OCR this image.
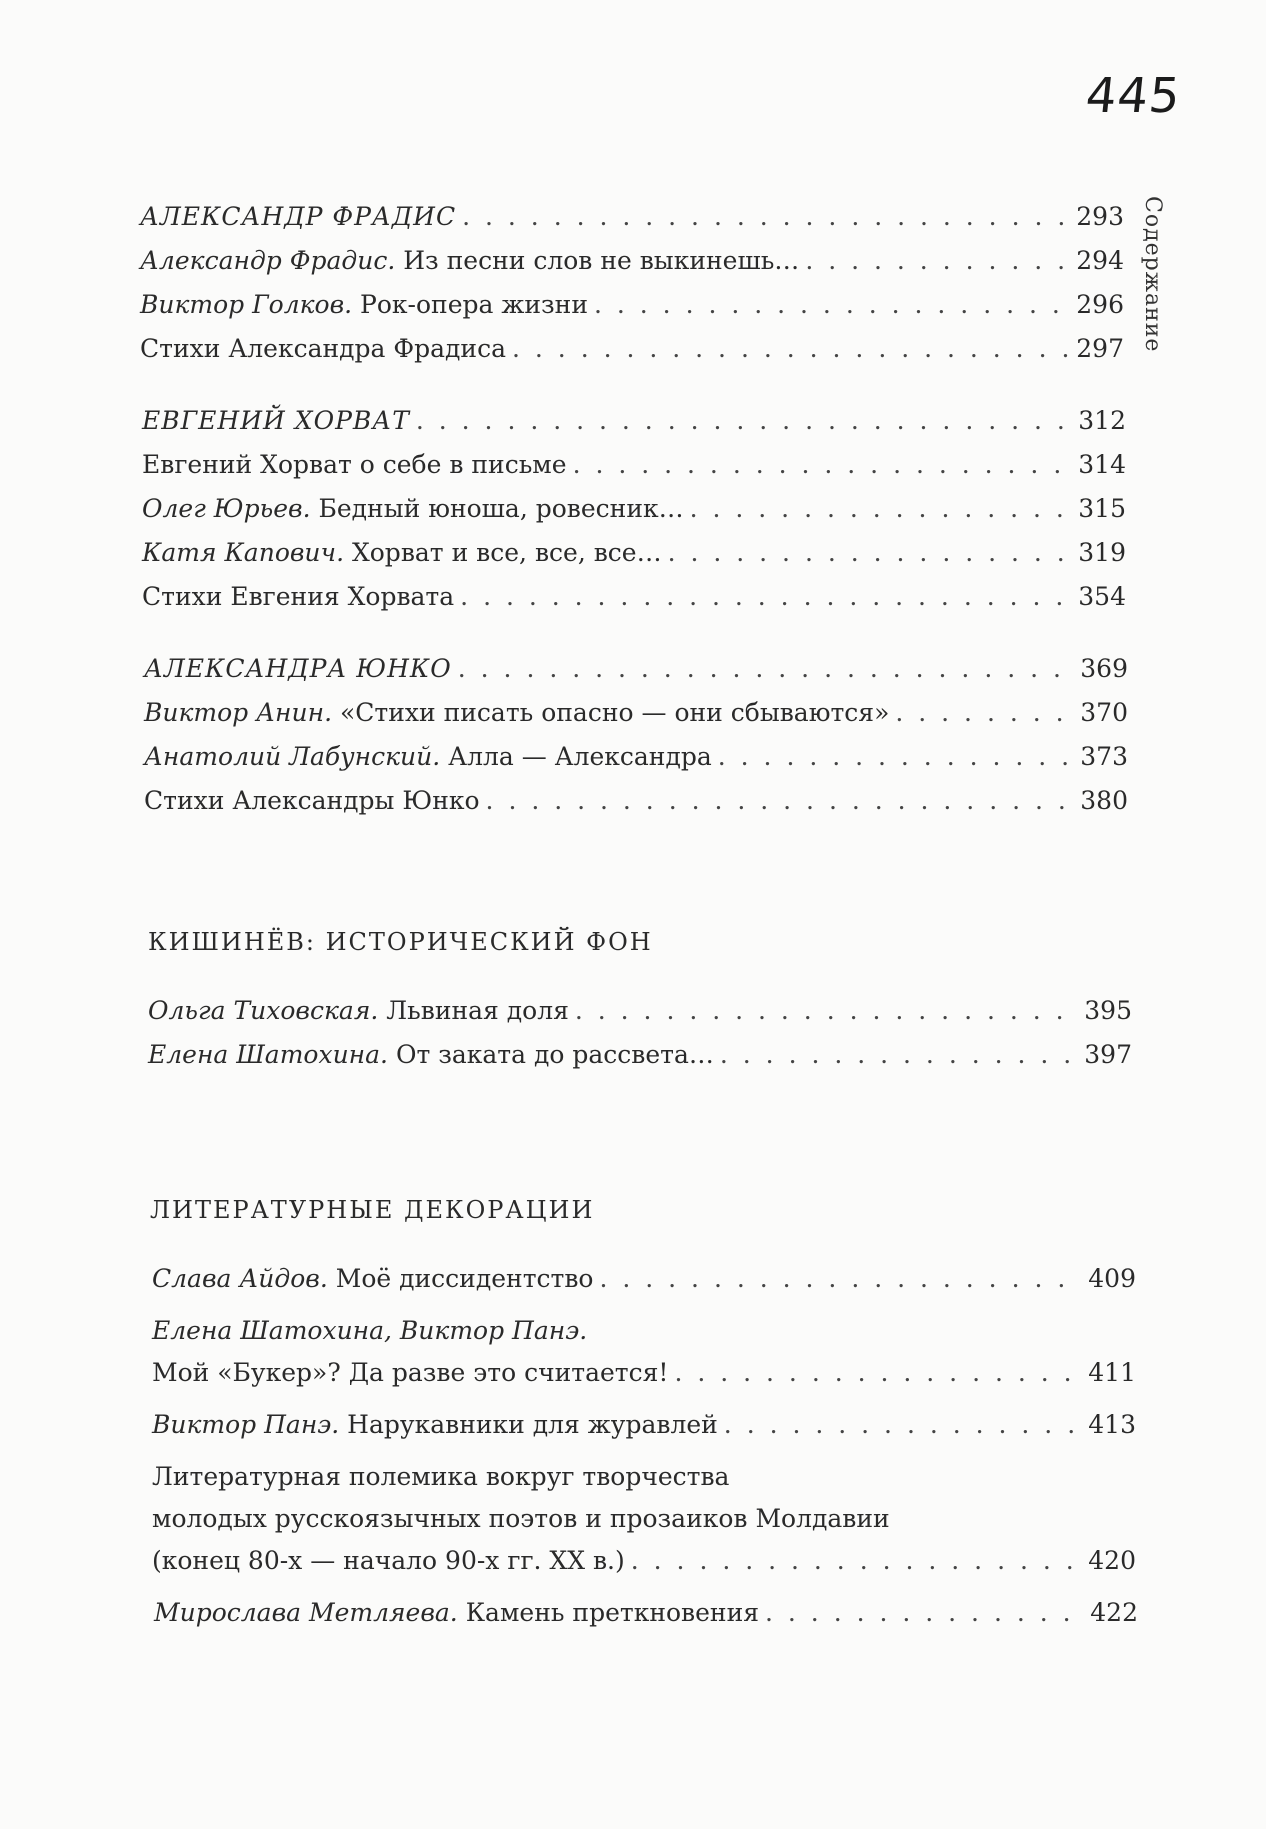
445
Содержание
АЛЕКСАНДР ФРАДИС . . .	293
Александр Фрадис. Из песни слов не выкинешь… . . .	294
Виктор Голков. Рок-опера жизни . . .	296
Стихи Александра Фрадиса . . .	297
ЕВГЕНИЙ ХОРВАТ . . .	312
Евгений Хорват о себе в письме . . .	314
Олег Юрьев. Бедный юноша, ровесник… . . .	315
Катя Капович. Хорват и все, все, все… . . .	319
Стихи Евгения Хорвата . . .	354
АЛЕКСАНДРА ЮНКО . . .	369
Виктор Анин. «Стихи писать опасно — они сбываются» . . .	370
Анатолий Лабунский. Алла — Александра . . .	373
Стихи Александры Юнко . . .	380
КИШИНЁВ: ИСТОРИЧЕСКИЙ ФОН
Ольга Тиховская. Львиная доля . . .	395
Елена Шатохина. От заката до рассвета… . . .	397
ЛИТЕРАТУРНЫЕ ДЕКОРАЦИИ
Слава Айдов. Моё диссидентство . . .	409
Елена Шатохина, Виктор Панэ.
Мой «Букер»? Да разве это считается! . . .	411
Виктор Панэ. Нарукавники для журавлей . . .	413
Литературная полемика вокруг творчества
молодых русскоязычных поэтов и прозаиков Молдавии
(конец 80-х — начало 90-х гг. XX в.) . . .	420
Мирослава Метляева. Камень преткновения . . .	422
